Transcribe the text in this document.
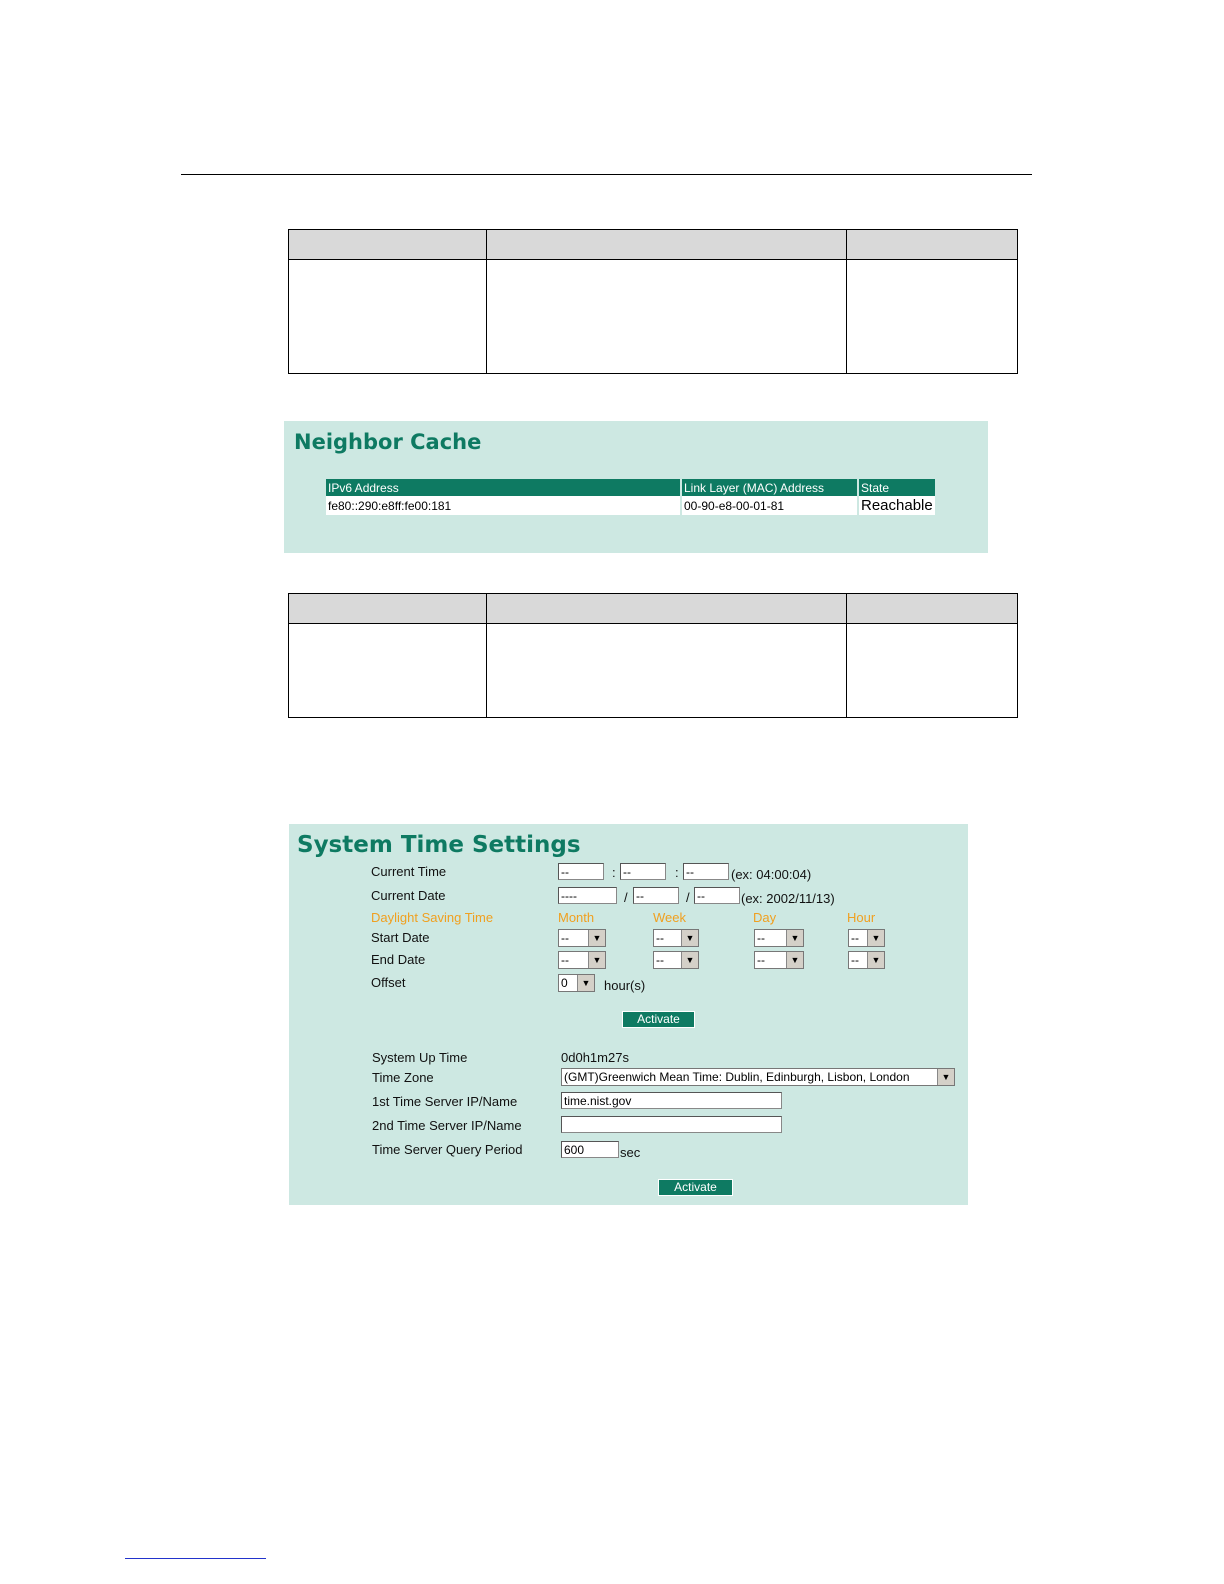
Neighbor Cache
IPv6 Address	Link Layer (MAC) Address	State
fe80::290:e8ff:fe00:181	00-90-e8-00-01-81	Reachable

System Time Settings
Current Time	--	: --	: --	(ex: 04:00:04)
Current Date	----	/ --	/ --	(ex: 2002/11/13)
Daylight Saving Time	Month	Week	Day	Hour
Start Date	--	▼	--	▼	--	▼	--	▼
End Date	--	▼	--	▼	--	▼	--	▼
Offset	0	▼ hour(s)
Activate
System Up Time	0d0h1m27s
Time Zone	(GMT)Greenwich Mean Time: Dublin, Edinburgh, Lisbon, London	▼
1st Time Server IP/Name	time.nist.gov
2nd Time Server IP/Name
Time Server Query Period	600	sec
Activate
